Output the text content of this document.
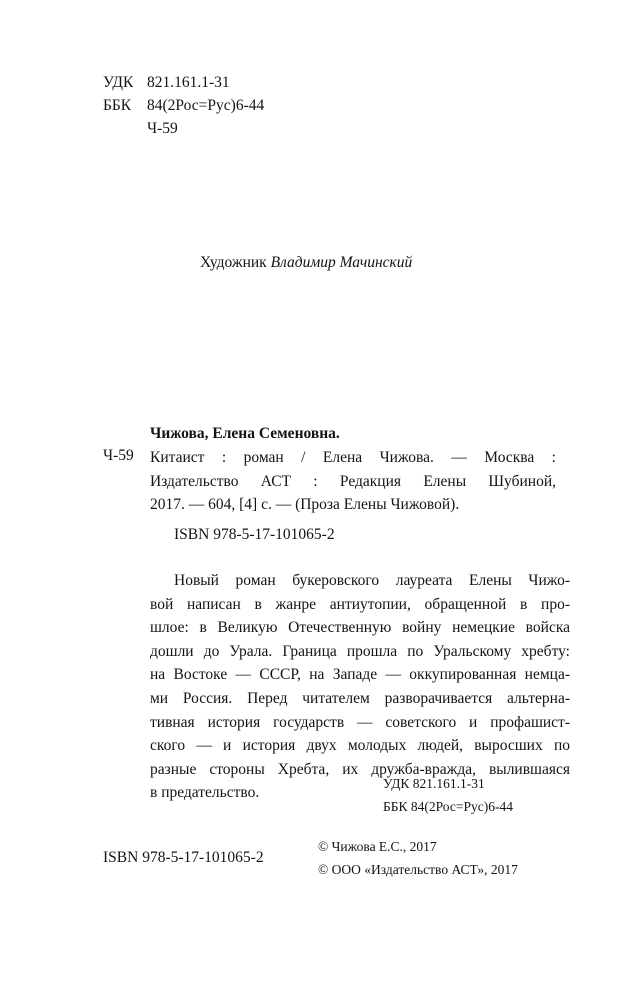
УДК 821.161.1-31
ББК 84(2Рос=Рус)6-44
Ч-59
Художник Владимир Мачинский
Чижова, Елена Семеновна.
Ч-59 Китаист : роман / Елена Чижова. — Москва :
Издательство АСТ : Редакция Елены Шубиной,
2017. — 604, [4] с. — (Проза Елены Чижовой).
ISBN 978-5-17-101065-2
Новый роман букеровского лауреата Елены Чижо-
вой написан в жанре антиутопии, обращенной в про-
шлое: в Великую Отечественную войну немецкие войска
дошли до Урала. Граница прошла по Уральскому хребту:
на Востоке — СССР, на Западе — оккупированная немца-
ми Россия. Перед читателем разворачивается альтерна-
тивная история государств — советского и профашист-
ского — и история двух молодых людей, выросших по
разные стороны Хребта, их дружба-вражда, вылившаяся
в предательство.
УДК 821.161.1-31
ББК 84(2Рос=Рус)6-44
ISBN 978-5-17-101065-2
© Чижова Е.С., 2017
© ООО «Издательство АСТ», 2017
